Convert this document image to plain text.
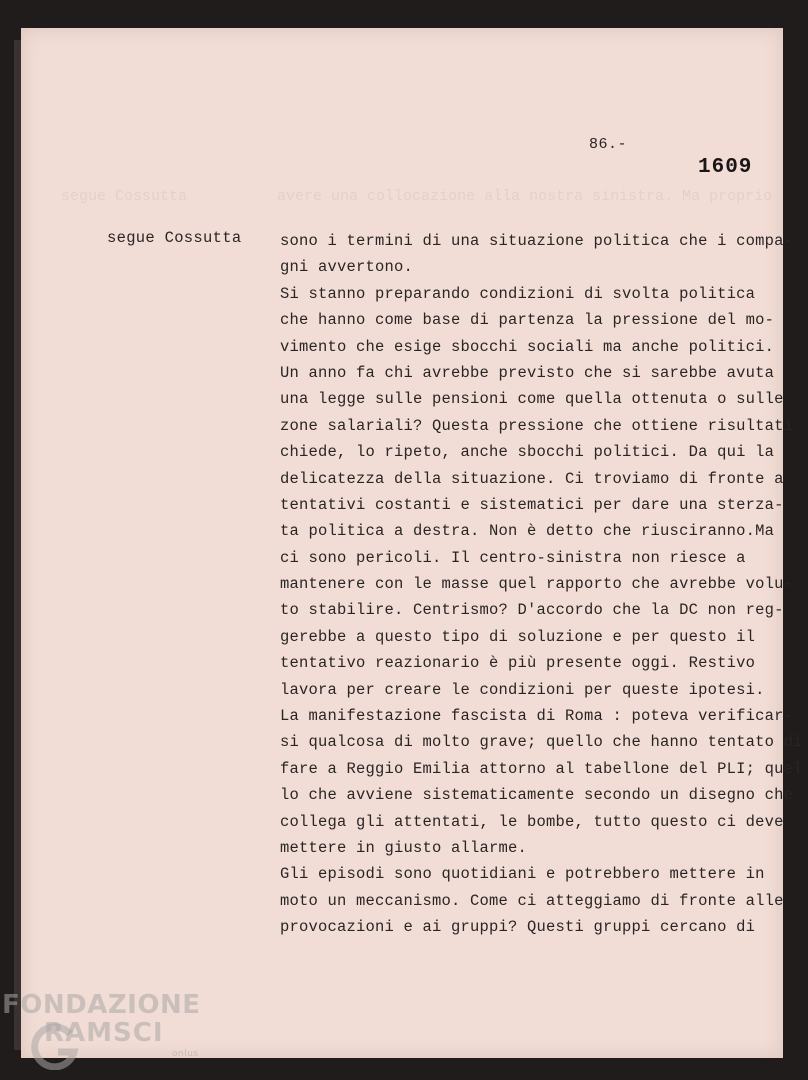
86.-
1609
segue Cossutta          avere una collocazione alla nostra sinistra. Ma proprio
segue Cossutta sono i termini di una situazione politica che i compa-
gni avvertono.
Si stanno preparando condizioni di svolta politica
che hanno come base di partenza la pressione del mo-
vimento che esige sbocchi sociali ma anche politici.
Un anno fa chi avrebbe previsto che si sarebbe avuta
una legge sulle pensioni come quella ottenuta o sulle
zone salariali? Questa pressione che ottiene risultati
chiede, lo ripeto, anche sbocchi politici. Da qui la
delicatezza della situazione. Ci troviamo di fronte a
tentativi costanti e sistematici per dare una sterza-
ta politica a destra. Non è detto che riusciranno.Ma
ci sono pericoli. Il centro-sinistra non riesce a
mantenere con le masse quel rapporto che avrebbe volu-
to stabilire. Centrismo? D'accordo che la DC non reg-
gerebbe a questo tipo di soluzione e per questo il
tentativo reazionario è più presente oggi. Restivo
lavora per creare le condizioni per queste ipotesi.
La manifestazione fascista di Roma : poteva verificar-
si qualcosa di molto grave; quello che hanno tentato di
fare a Reggio Emilia attorno al tabellone del PLI; quel
lo che avviene sistematicamente secondo un disegno che
collega gli attentati, le bombe, tutto questo ci deve
mettere in giusto allarme.
Gli episodi sono quotidiani e potrebbero mettere in
moto un meccanismo. Come ci atteggiamo di fronte alle
provocazioni e ai gruppi? Questi gruppi cercano di
FONDAZIONE
RAMSCI
onlus
